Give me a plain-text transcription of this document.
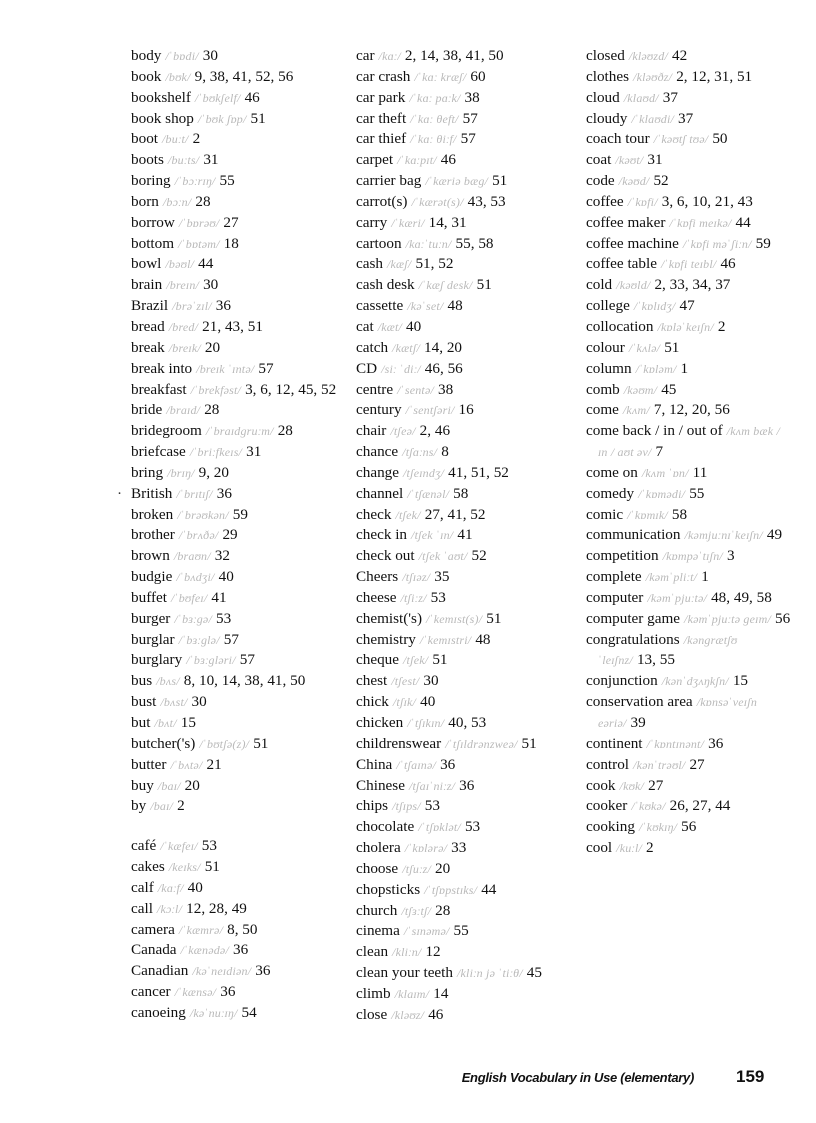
body /ˈbɒdi/ 30
book /bʊk/ 9, 38, 41, 52, 56
bookshelf /ˈbʊkʃelf/ 46
book shop /ˈbʊk ʃɒp/ 51
boot /buːt/ 2
boots /buːts/ 31
boring /ˈbɔːrɪŋ/ 55
born /bɔːn/ 28
borrow /ˈbɒrəʊ/ 27
bottom /ˈbɒtəm/ 18
bowl /bəʊl/ 44
brain /breɪn/ 30
Brazil /brəˈzɪl/ 36
bread /bred/ 21, 43, 51
break /breɪk/ 20
break into /breɪk ˈɪntə/ 57
breakfast /ˈbrekfəst/ 3, 6, 12, 45, 52
bride /braɪd/ 28
bridegroom /ˈbraɪdgruːm/ 28
briefcase /ˈbriːfkeɪs/ 31
bring /brɪŋ/ 9, 20
· British /ˈbrɪtɪʃ/ 36
broken /ˈbrəʊkən/ 59
brother /ˈbrʌðə/ 29
brown /braʊn/ 32
budgie /ˈbʌdʒi/ 40
buffet /ˈbʊfeɪ/ 41
burger /ˈbɜːgə/ 53
burglar /ˈbɜːglə/ 57
burglary /ˈbɜːgləri/ 57
bus /bʌs/ 8, 10, 14, 38, 41, 50
bust /bʌst/ 30
but /bʌt/ 15
butcher('s) /ˈbʊtʃə(z)/ 51
butter /ˈbʌtə/ 21
buy /baɪ/ 20
by /baɪ/ 2
café /ˈkæfeɪ/ 53
cakes /keɪks/ 51
calf /kɑːf/ 40
call /kɔːl/ 12, 28, 49
camera /ˈkæmrə/ 8, 50
Canada /ˈkænədə/ 36
Canadian /kəˈneɪdiən/ 36
cancer /ˈkænsə/ 36
canoeing /kəˈnuːɪŋ/ 54
car /kɑː/ 2, 14, 38, 41, 50
car crash /ˈkɑː kræʃ/ 60
car park /ˈkɑː pɑːk/ 38
car theft /ˈkɑː θeft/ 57
car thief /ˈkɑː θiːf/ 57
carpet /ˈkɑːpɪt/ 46
carrier bag /ˈkæriə bæg/ 51
carrot(s) /ˈkærət(s)/ 43, 53
carry /ˈkæri/ 14, 31
cartoon /kɑːˈtuːn/ 55, 58
cash /kæʃ/ 51, 52
cash desk /ˈkæʃ desk/ 51
cassette /kəˈset/ 48
cat /kæt/ 40
catch /kætʃ/ 14, 20
CD /siː ˈdiː/ 46, 56
centre /ˈsentə/ 38
century /ˈsentʃəri/ 16
chair /tʃeə/ 2, 46
chance /tʃɑːns/ 8
change /tʃeɪndʒ/ 41, 51, 52
channel /ˈtʃænəl/ 58
check /tʃek/ 27, 41, 52
check in /tʃek ˈɪn/ 41
check out /tʃek ˈaʊt/ 52
Cheers /tʃɪəz/ 35
cheese /tʃiːz/ 53
chemist('s) /ˈkemɪst(s)/ 51
chemistry /ˈkemɪstri/ 48
cheque /tʃek/ 51
chest /tʃest/ 30
chick /tʃɪk/ 40
chicken /ˈtʃɪkɪn/ 40, 53
childrenswear /ˈtʃɪldrənzweə/ 51
China /ˈtʃaɪnə/ 36
Chinese /tʃaɪˈniːz/ 36
chips /tʃɪps/ 53
chocolate /ˈtʃɒklət/ 53
cholera /ˈkɒlərə/ 33
choose /tʃuːz/ 20
chopsticks /ˈtʃɒpstɪks/ 44
church /tʃɜːtʃ/ 28
cinema /ˈsɪnəmə/ 55
clean /kliːn/ 12
clean your teeth /kliːn jə ˈtiːθ/ 45
climb /klaɪm/ 14
close /kləʊz/ 46
closed /kləʊzd/ 42
clothes /kləʊðz/ 2, 12, 31, 51
cloud /klaʊd/ 37
cloudy /ˈklaʊdi/ 37
coach tour /ˈkəʊtʃ tʊə/ 50
coat /kəʊt/ 31
code /kəʊd/ 52
coffee /ˈkɒfi/ 3, 6, 10, 21, 43
coffee maker /ˈkɒfi meɪkə/ 44
coffee machine /ˈkɒfi məˈʃiːn/ 59
coffee table /ˈkɒfi teɪbl/ 46
cold /kəʊld/ 2, 33, 34, 37
college /ˈkɒlɪdʒ/ 47
collocation /kɒləˈkeɪʃn/ 2
colour /ˈkʌlə/ 51
column /ˈkɒləm/ 1
comb /kəʊm/ 45
come /kʌm/ 7, 12, 20, 56
come back / in / out of /kʌm bæk / ɪn / aʊt əv/ 7
come on /kʌm ˈɒn/ 11
comedy /ˈkɒmədi/ 55
comic /ˈkɒmɪk/ 58
communication /kəmjuːnɪˈkeɪʃn/ 49
competition /kɒmpəˈtɪʃn/ 3
complete /kəmˈpliːt/ 1
computer /kəmˈpjuːtə/ 48, 49, 58
computer game /kəmˈpjuːtə geɪm/ 56
congratulations /kəngrætʃʊˈleɪʃnz/ 13, 55
conjunction /kənˈdʒʌŋkʃn/ 15
conservation area /kɒnsəˈveɪʃn eəriə/ 39
continent /ˈkɒntɪnənt/ 36
control /kənˈtrəʊl/ 27
cook /kʊk/ 27
cooker /ˈkʊkə/ 26, 27, 44
cooking /ˈkʊkɪŋ/ 56
cool /kuːl/ 2
English Vocabulary in Use (elementary) 159
